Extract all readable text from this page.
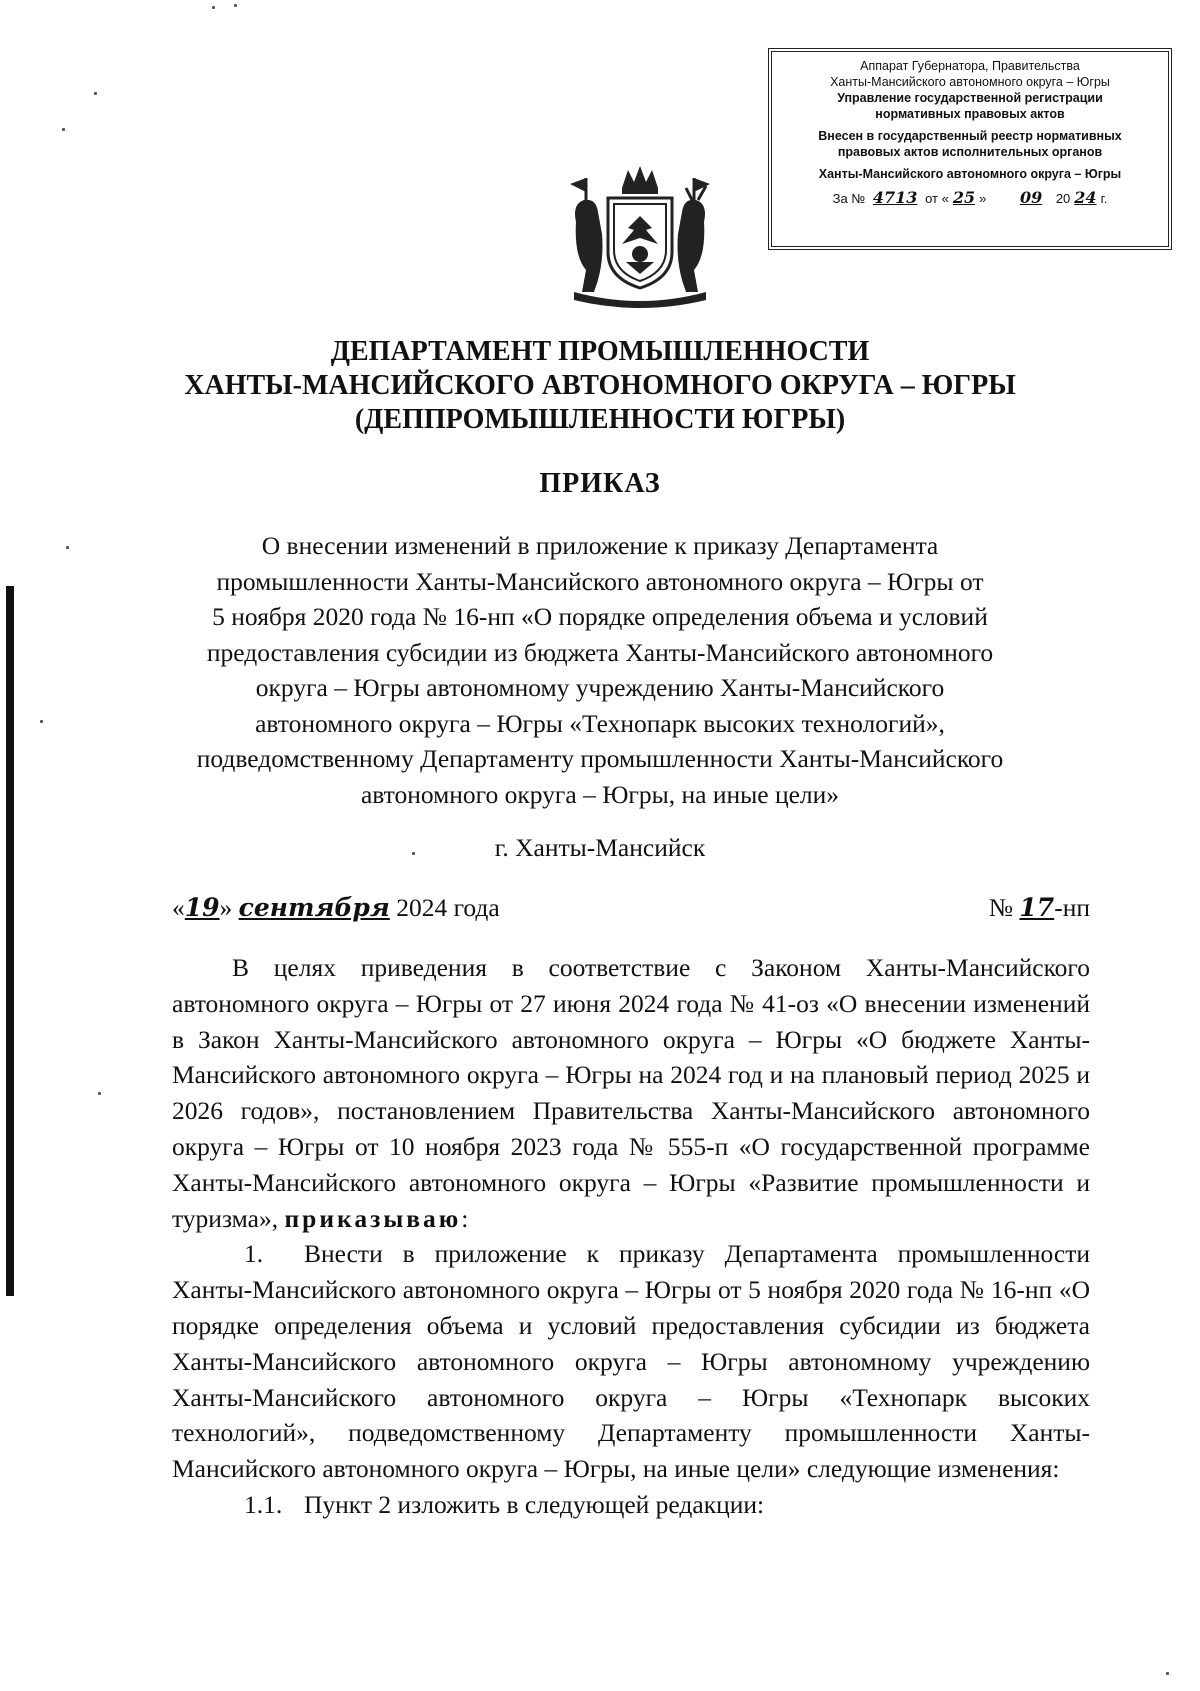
Аппарат Губернатора, Правительства
Ханты-Мансийского автономного округа – Югры
Управление государственной регистрации
нормативных правовых актов
Внесен в государственный реестр нормативных
правовых актов исполнительных органов
Ханты-Мансийского автономного округа – Югры
За № 4713 от « 25 » 09 20 24 г.
ДЕПАРТАМЕНТ ПРОМЫШЛЕННОСТИ
ХАНТЫ-МАНСИЙСКОГО АВТОНОМНОГО ОКРУГА – ЮГРЫ
(ДЕППРОМЫШЛЕННОСТИ ЮГРЫ)
ПРИКАЗ
О внесении изменений в приложение к приказу Департамента
промышленности Ханты-Мансийского автономного округа – Югры от
5 ноября 2020 года № 16-нп «О порядке определения объема и условий
предоставления субсидии из бюджета Ханты-Мансийского автономного
округа – Югры автономному учреждению Ханты-Мансийского
автономного округа – Югры «Технопарк высоких технологий»,
подведомственному Департаменту промышленности Ханты-Мансийского
автономного округа – Югры, на иные цели»
г. Ханты-Мансийск
«19» сентября 2024 года	№ 17-нп

В целях приведения в соответствие с Законом Ханты-Мансийского автономного округа – Югры от 27 июня 2024 года № 41-оз «О внесении изменений в Закон Ханты-Мансийского автономного округа – Югры «О бюджете Ханты-Мансийского автономного округа – Югры на 2024 год и на плановый период 2025 и 2026 годов», постановлением Правительства Ханты-Мансийского автономного округа – Югры от 10 ноября 2023 года № 555-п «О государственной программе Ханты-Мансийского автономного округа – Югры «Развитие промышленности и туризма», приказываю:

1. Внести в приложение к приказу Департамента промышленности Ханты-Мансийского автономного округа – Югры от 5 ноября 2020 года № 16-нп «О порядке определения объема и условий предоставления субсидии из бюджета Ханты-Мансийского автономного округа – Югры автономному учреждению Ханты-Мансийского автономного округа – Югры «Технопарк высоких технологий», подведомственному Департаменту промышленности Ханты-Мансийского автономного округа – Югры, на иные цели» следующие изменения:

1.1. Пункт 2 изложить в следующей редакции:
